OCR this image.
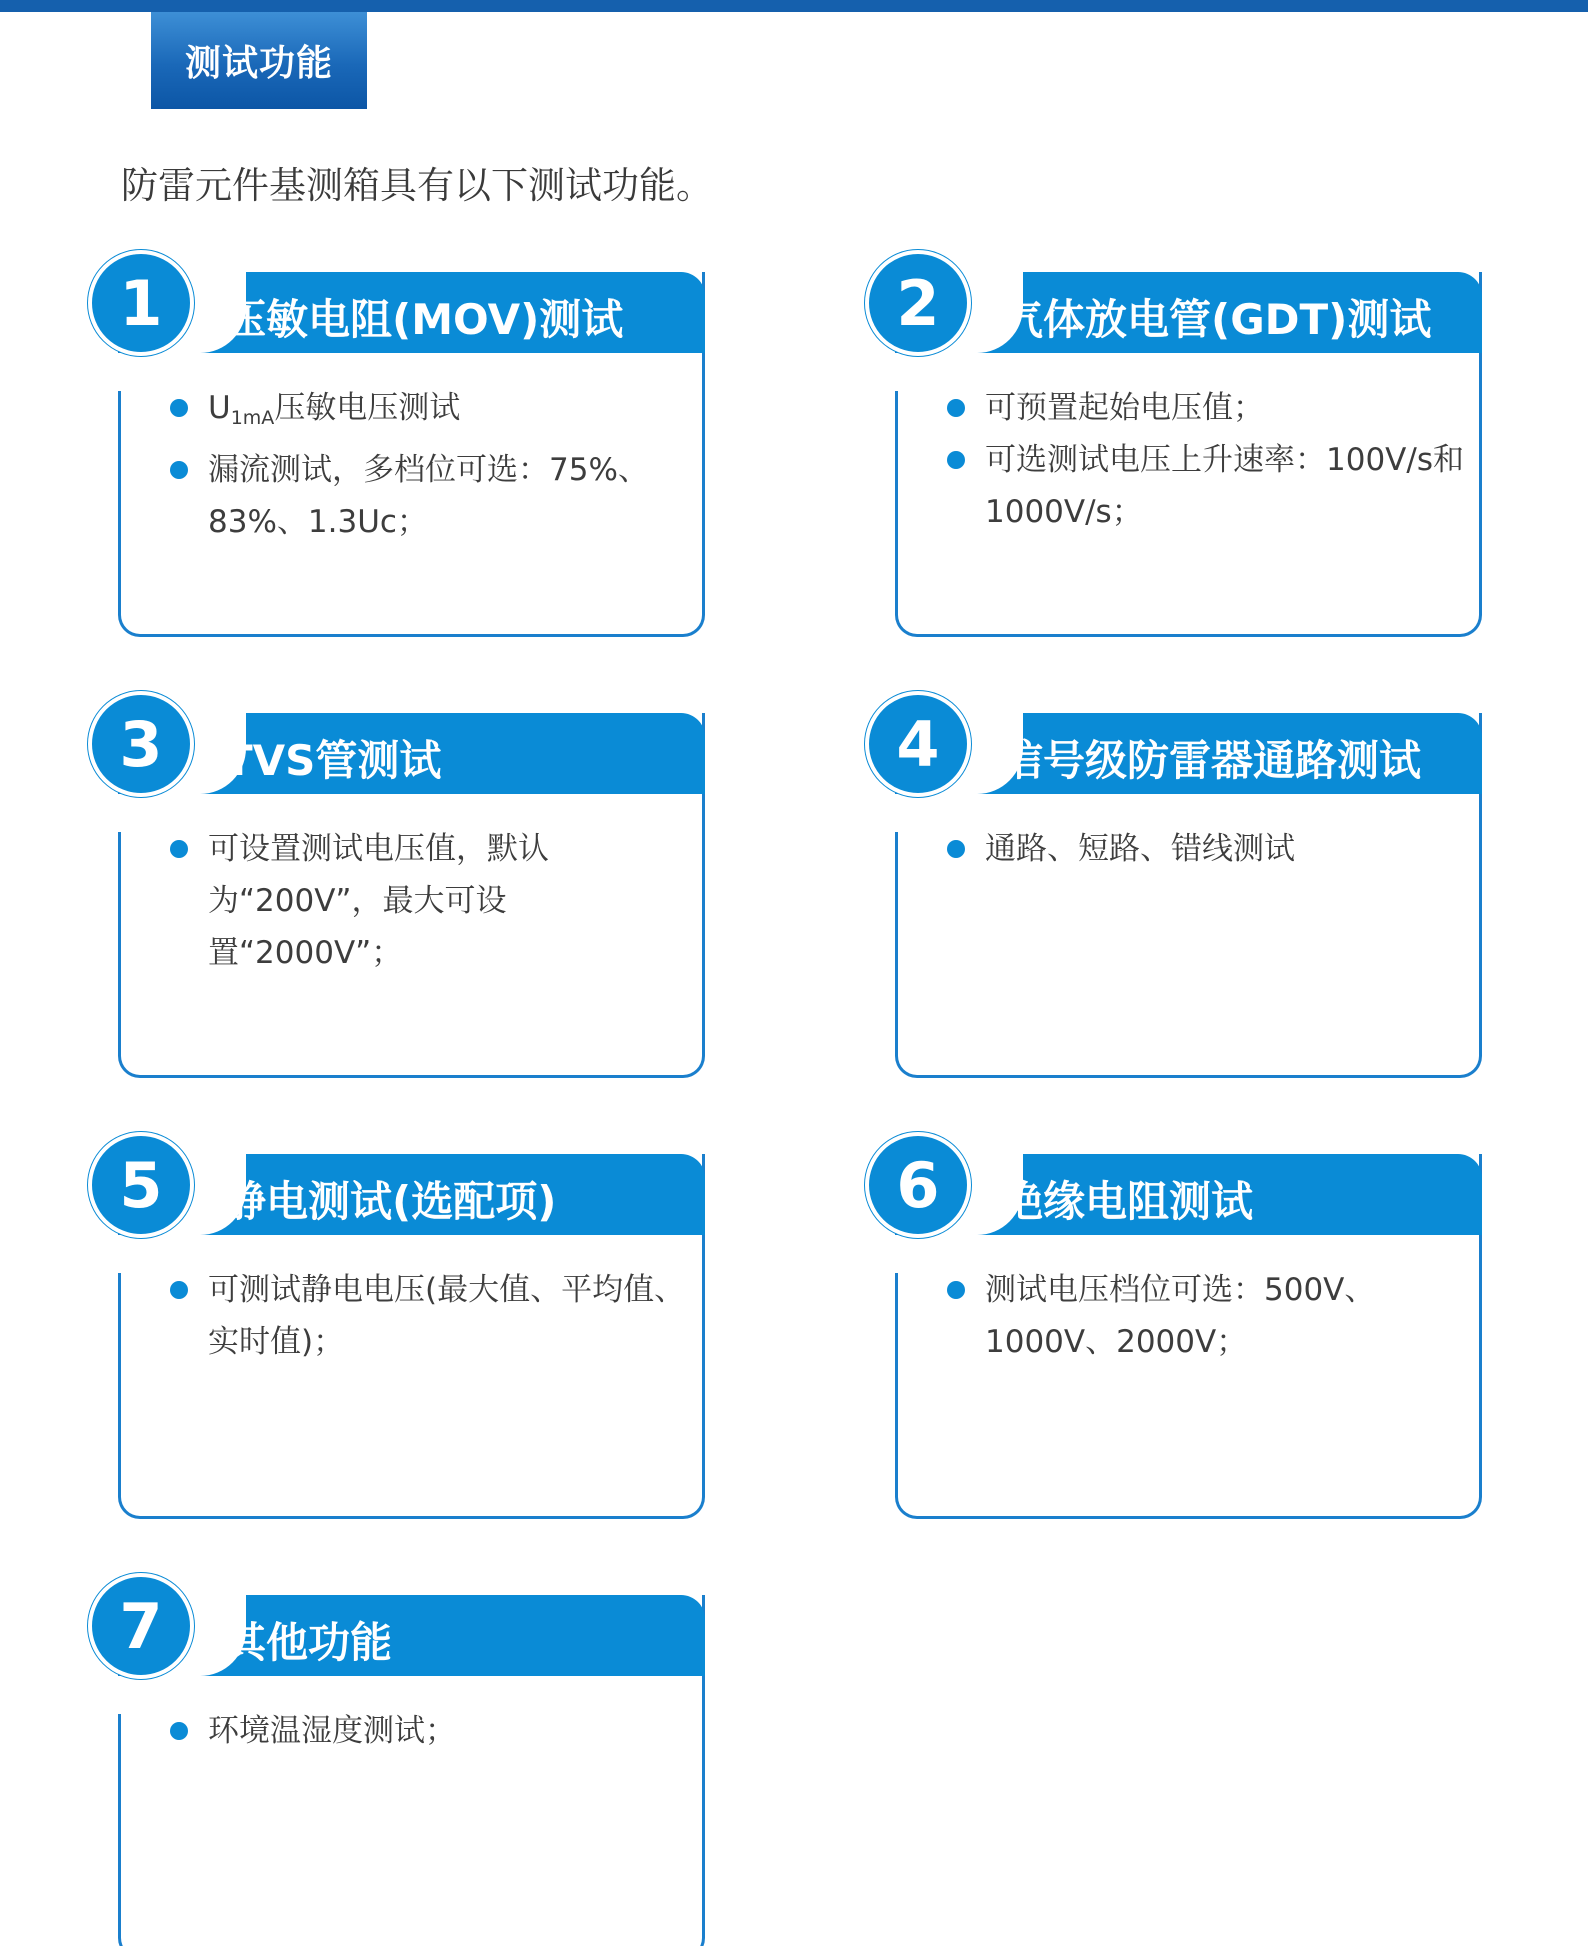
测试功能
防雷元件基测箱具有以下测试功能。
1	压敏电阻(MOV)测试
$U_{1mA}$压敏电压测试
漏流测试，多档位可选：75%、83%、1.3Uc；
2	气体放电管(GDT)测试
可预置起始电压值；
可选测试电压上升速率：100V/s和1000V/s；
3	TVS管测试
可设置测试电压值，默认为“200V”，最大可设置“2000V”；
4	信号级防雷器通路测试
通路、短路、错线测试
5	静电测试(选配项)
可测试静电电压(最大值、平均值、实时值)；
6	绝缘电阻测试
测试电压档位可选：500V、1000V、2000V；
7	其他功能
环境温湿度测试；
